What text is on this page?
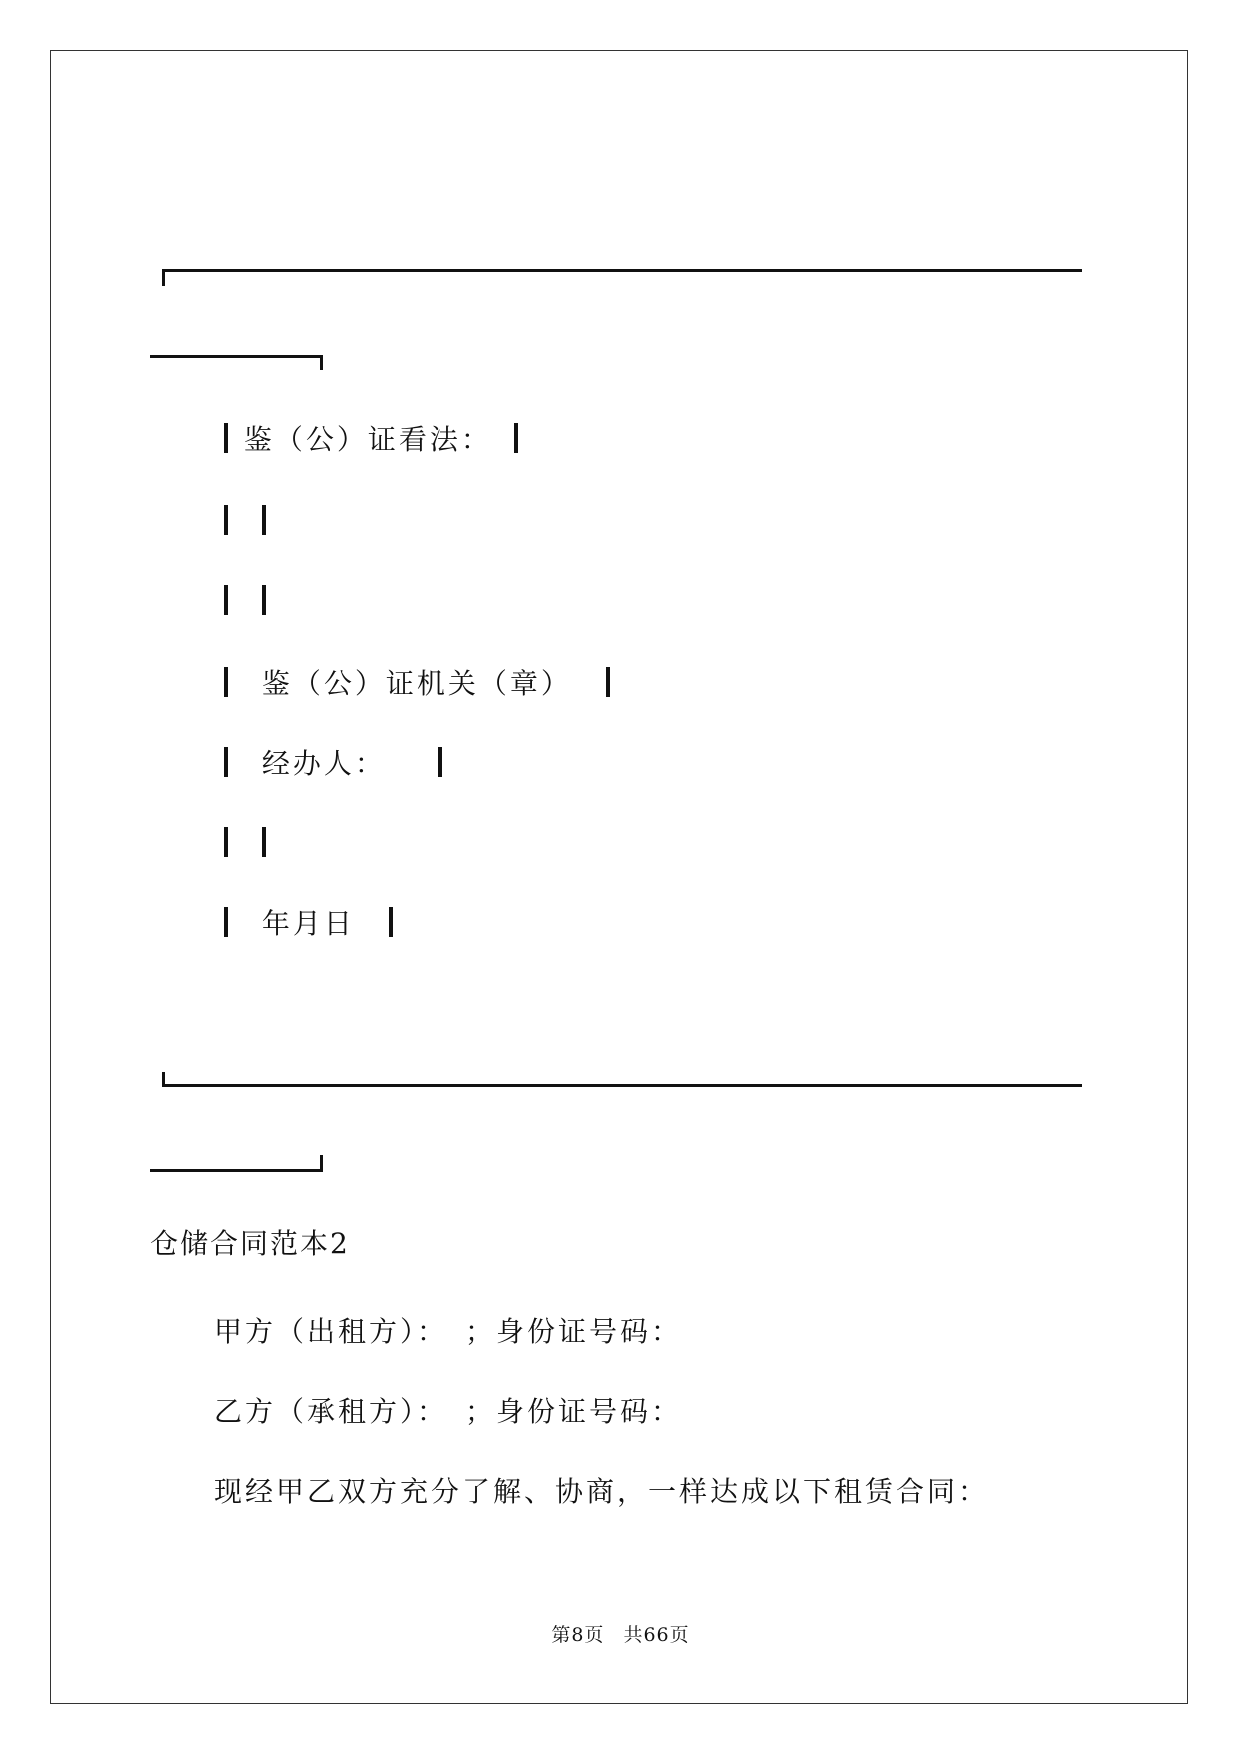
鉴（公）证看法：

鉴（公）证机关（章）
经办人：

年月日
仓储合同范本2
甲方（出租方）：　；身份证号码：
乙方（承租方）：　；身份证号码：
现经甲乙双方充分了解、协商，一样达成以下租赁合同：
第8页 共66页
